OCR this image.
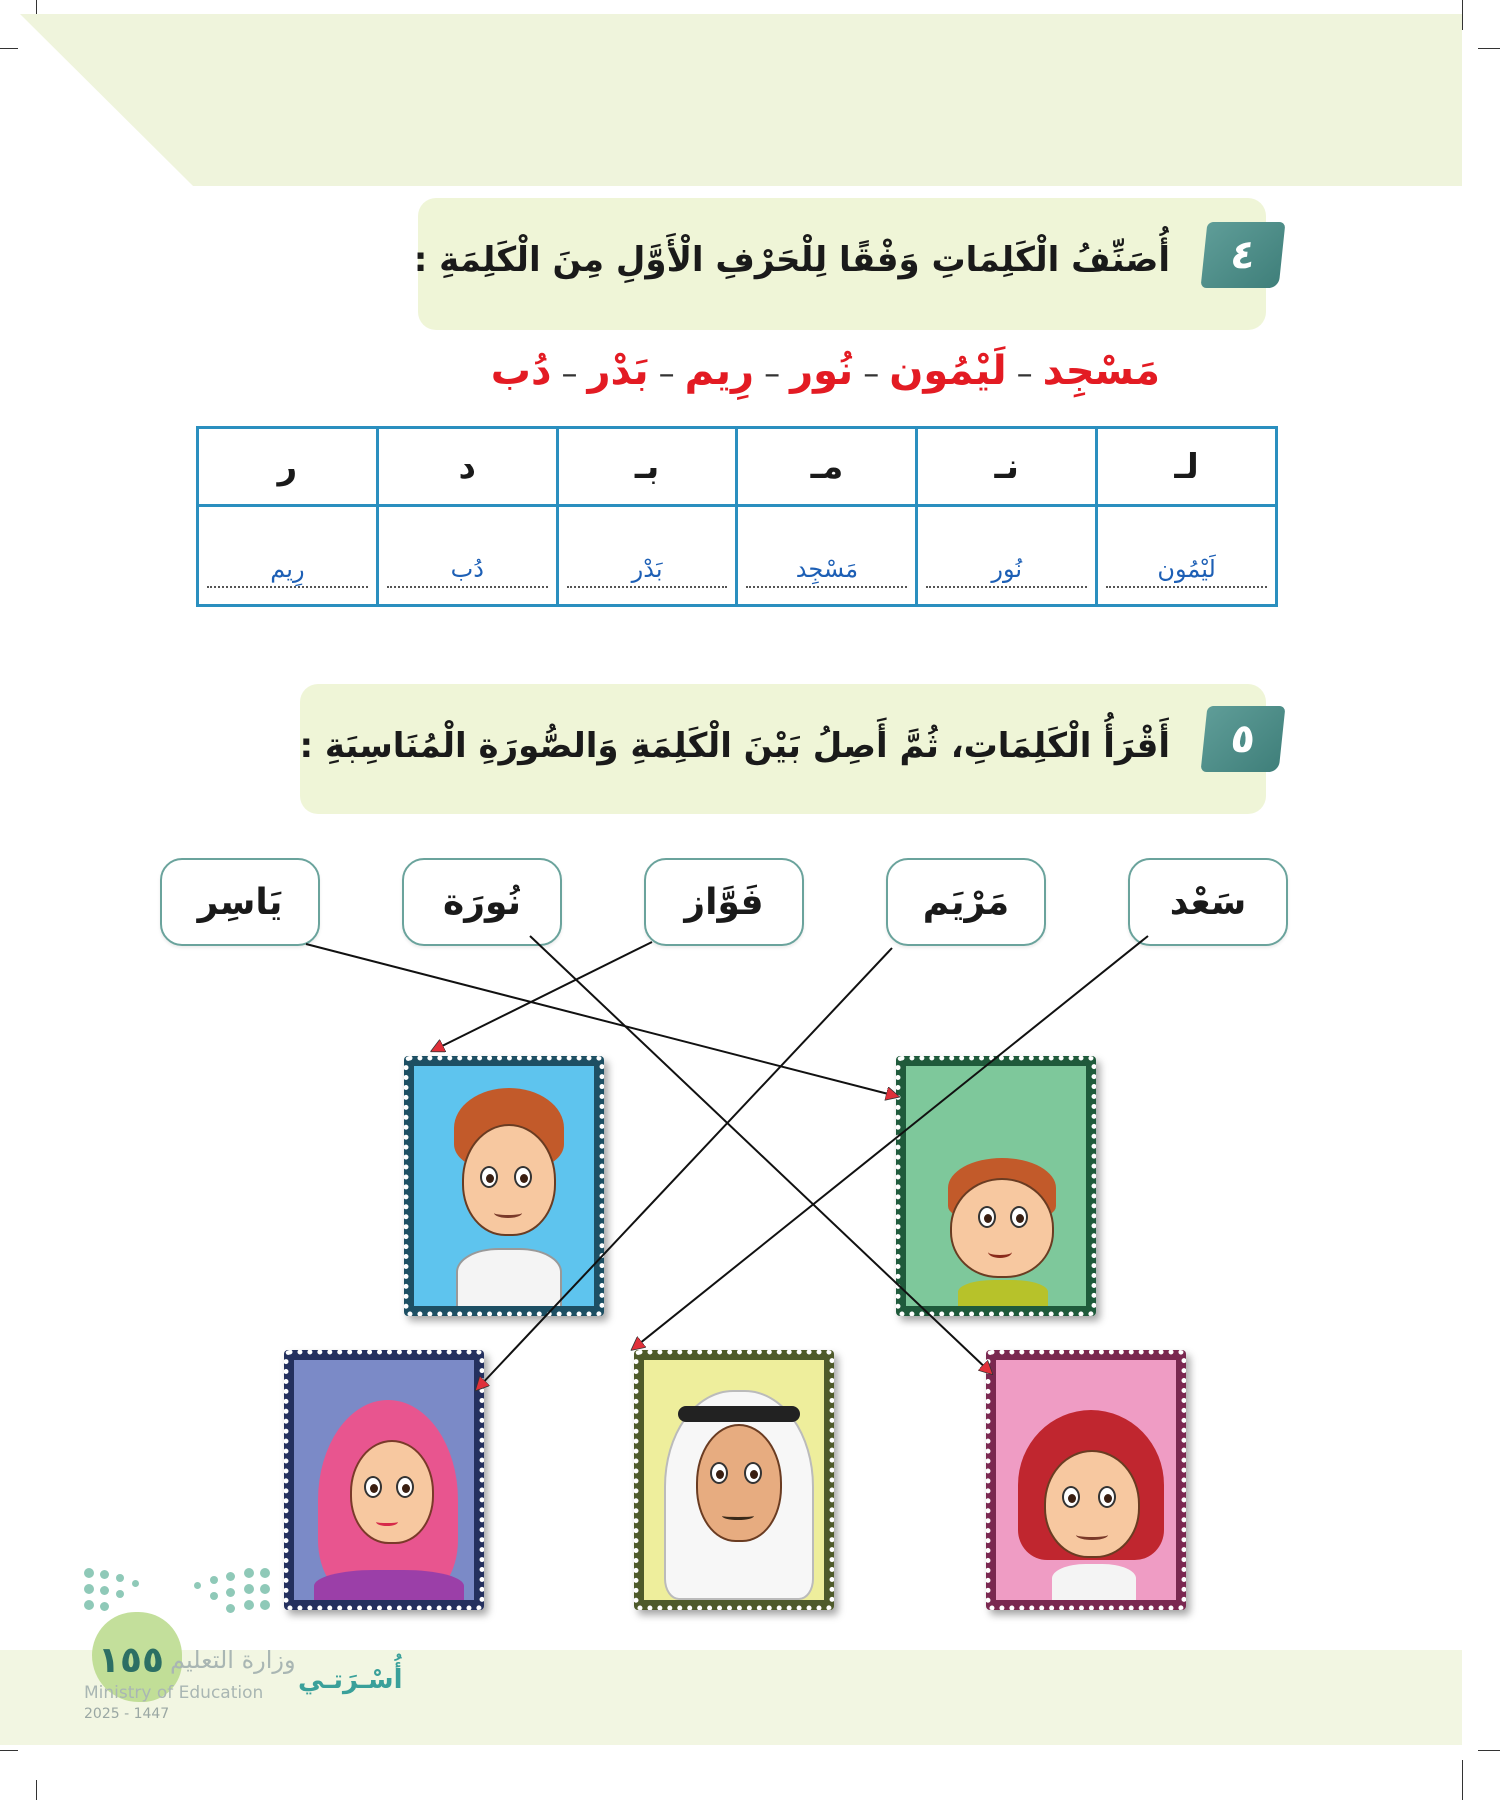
٤
أُصَنِّفُ الْكَلِمَاتِ وَفْقًا لِلْحَرْفِ الْأَوَّلِ مِنَ الْكَلِمَةِ :
مَسْجِد–لَيْمُون–نُور–رِيم–بَدْر–دُب
لـ	نـ	مـ	بـ	د	ر

لَيْمُون	نُور	مَسْجِد	بَدْر	دُب	رِيم
٥
أَقْرَأُ الْكَلِمَاتِ، ثُمَّ أَصِلُ بَيْنَ الْكَلِمَةِ وَالصُّورَةِ الْمُنَاسِبَةِ :
سَعْد
مَرْيَم
فَوَّاز
نُورَة
يَاسِر
١٥٥ وزارة التعليم
Ministry of Education
2025 - 1447
أُسْـرَتـي
